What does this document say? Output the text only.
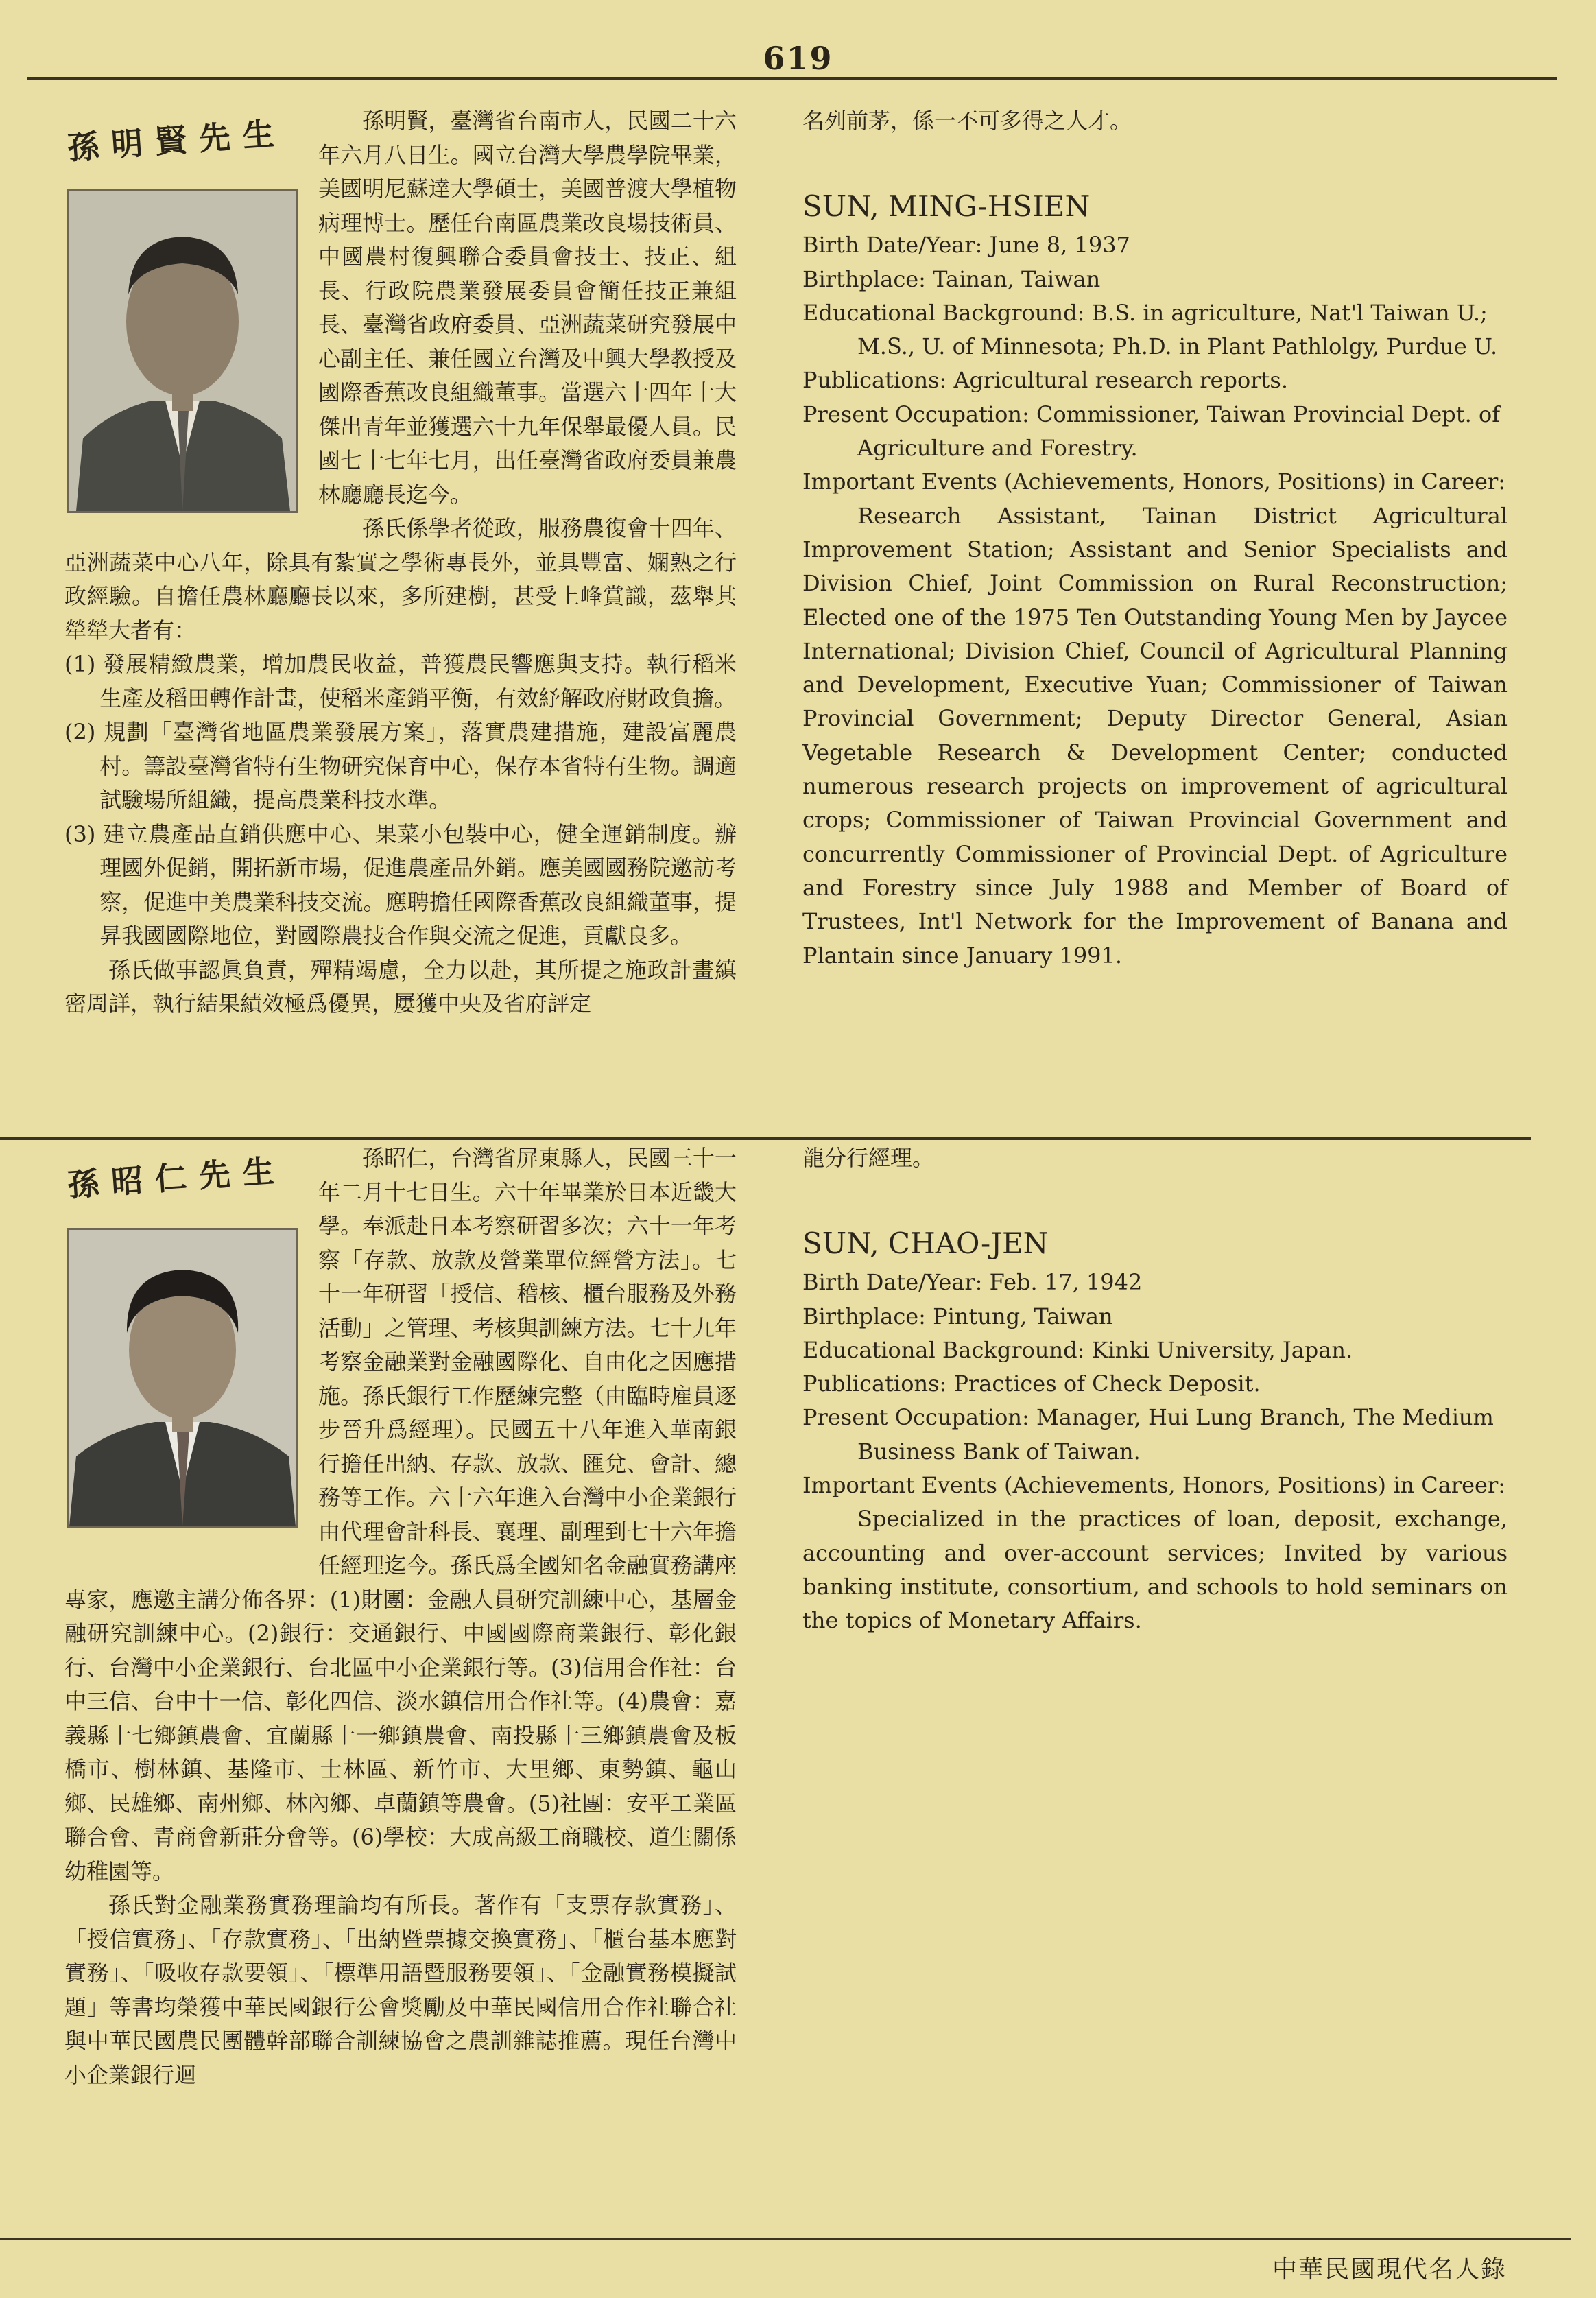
619
孫明賢先生	孫明賢，臺灣省台南市人，民國二十六年六月八日生。國立台灣大學農學院畢業，美國明尼蘇達大學碩士，美國普渡大學植物病理博士。歷任台南區農業改良場技術員、中國農村復興聯合委員會技士、技正、組長、行政院農業發展委員會簡任技正兼組長、臺灣省政府委員、亞洲蔬菜研究發展中心副主任、兼任國立台灣及中興大學教授及國際香蕉改良組織董事。當選六十四年十大傑出青年並獲選六十九年保舉最優人員。民國七十七年七月，出任臺灣省政府委員兼農林廳廳長迄今。

孫氏係學者從政，服務農復會十四年、亞洲蔬菜中心八年，除具有紮實之學術專長外，並具豐富、嫻熟之行政經驗。自擔任農林廳廳長以來，多所建樹，甚受上峰賞識，茲舉其犖犖大者有：

(1) 發展精緻農業，增加農民收益，普獲農民響應與支持。執行稻米生產及稻田轉作計畫，使稻米產銷平衡，有效紓解政府財政負擔。
(2) 規劃「臺灣省地區農業發展方案」，落實農建措施，建設富麗農村。籌設臺灣省特有生物研究保育中心，保存本省特有生物。調適試驗場所組織，提高農業科技水準。
(3) 建立農產品直銷供應中心、果菜小包裝中心，健全運銷制度。辦理國外促銷，開拓新市場，促進農產品外銷。應美國國務院邀訪考察，促進中美農業科技交流。應聘擔任國際香蕉改良組織董事，提昇我國國際地位，對國際農技合作與交流之促進，貢獻良多。

孫氏做事認眞負責，殫精竭慮，全力以赴，其所提之施政計畫縝密周詳，執行結果績效極爲優異，屢獲中央及省府評定

名列前茅，係一不可多得之人才。
SUN, MING-HSIEN
Birth Date/Year: June 8, 1937
Birthplace: Tainan, Taiwan
Educational Background: B.S. in agriculture, Nat'l Taiwan U.; M.S., U. of Minnesota; Ph.D. in Plant Pathlolgy, Purdue U.
Publications: Agricultural research reports.
Present Occupation: Commissioner, Taiwan Provincial Dept. of Agriculture and Forestry.
Important Events (Achievements, Honors, Positions) in Career:
Research Assistant, Tainan District Agricultural Improvement Station; Assistant and Senior Specialists and Division Chief, Joint Commission on Rural Reconstruction; Elected one of the 1975 Ten Outstanding Young Men by Jaycee International; Division Chief, Council of Agricultural Planning and Development, Executive Yuan; Commissioner of Taiwan Provincial Government; Deputy Director General, Asian Vegetable Research & Development Center; conducted numerous research projects on improvement of agricultural crops; Commissioner of Taiwan Provincial Government and concurrently Commissioner of Provincial Dept. of Agriculture and Forestry since July 1988 and Member of Board of Trustees, Int'l Network for the Improvement of Banana and Plantain since January 1991.
孫昭仁先生	孫昭仁，台灣省屏東縣人，民國三十一年二月十七日生。六十年畢業於日本近畿大學。奉派赴日本考察研習多次；六十一年考察「存款、放款及營業單位經營方法」。七十一年研習「授信、稽核、櫃台服務及外務活動」之管理、考核與訓練方法。七十九年考察金融業對金融國際化、自由化之因應措施。孫氏銀行工作歷練完整（由臨時雇員逐步晉升爲經理）。民國五十八年進入華南銀行擔任出納、存款、放款、匯兌、會計、總務等工作。六十六年進入台灣中小企業銀行由代理會計科長、襄理、副理到七十六年擔任經理迄今。孫氏爲全國知名金融實務講座專家，應邀主講分佈各界：(1)財團：金融人員研究訓練中心，基層金融研究訓練中心。(2)銀行：交通銀行、中國國際商業銀行、彰化銀行、台灣中小企業銀行、台北區中小企業銀行等。(3)信用合作社：台中三信、台中十一信、彰化四信、淡水鎮信用合作社等。(4)農會：嘉義縣十七鄉鎮農會、宜蘭縣十一鄉鎮農會、南投縣十三鄉鎮農會及板橋市、樹林鎮、基隆市、士林區、新竹市、大里鄉、東勢鎮、龜山鄉、民雄鄉、南州鄉、林內鄉、卓蘭鎮等農會。(5)社團：安平工業區聯合會、青商會新莊分會等。(6)學校：大成高級工商職校、道生關係幼稚園等。

孫氏對金融業務實務理論均有所長。著作有「支票存款實務」、「授信實務」、「存款實務」、「出納暨票據交換實務」、「櫃台基本應對實務」、「吸收存款要領」、「標準用語暨服務要領」、「金融實務模擬試題」等書均榮獲中華民國銀行公會獎勵及中華民國信用合作社聯合社與中華民國農民團體幹部聯合訓練協會之農訓雜誌推薦。現任台灣中小企業銀行迴

龍分行經理。
SUN, CHAO-JEN
Birth Date/Year: Feb. 17, 1942
Birthplace: Pintung, Taiwan
Educational Background: Kinki University, Japan.
Publications: Practices of Check Deposit.
Present Occupation: Manager, Hui Lung Branch, The Medium Business Bank of Taiwan.
Important Events (Achievements, Honors, Positions) in Career:
Specialized in the practices of loan, deposit, exchange, accounting and over-account services; Invited by various banking institute, consortium, and schools to hold seminars on the topics of Monetary Affairs.
中華民國現代名人錄
